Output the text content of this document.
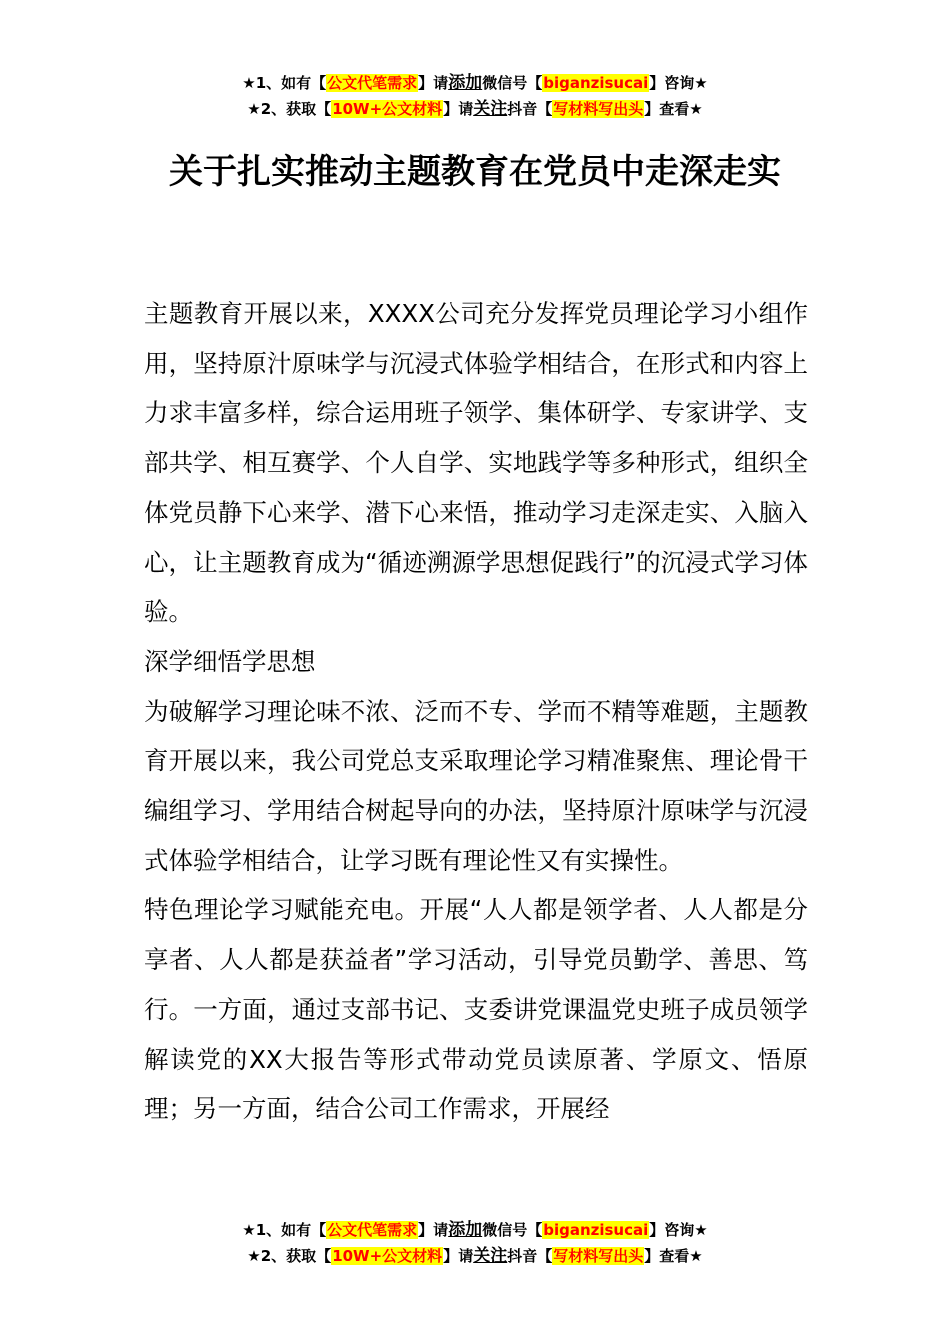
★1、如有【公文代笔需求】请添加微信号【biganzisucai】咨询★
★2、获取【10W+公文材料】请关注抖音【写材料写出头】查看★
关于扎实推动主题教育在党员中走深走实

主题教育开展以来，XXXX公司充分发挥党员理论学习小组作用，坚持原汁原味学与沉浸式体验学相结合，在形式和内容上力求丰富多样，综合运用班子领学、集体研学、专家讲学、支部共学、相互赛学、个人自学、实地践学等多种形式，组织全体党员静下心来学、潜下心来悟，推动学习走深走实、入脑入心，让主题教育成为“循迹溯源学思想促践行”的沉浸式学习体验。

深学细悟学思想

为破解学习理论味不浓、泛而不专、学而不精等难题，主题教育开展以来，我公司党总支采取理论学习精准聚焦、理论骨干编组学习、学用结合树起导向的办法，坚持原汁原味学与沉浸式体验学相结合，让学习既有理论性又有实操性。

特色理论学习赋能充电。开展“人人都是领学者、人人都是分享者、人人都是获益者”学习活动，引导党员勤学、善思、笃行。一方面，通过支部书记、支委讲党课温党史班子成员领学解读党的XX大报告等形式带动党员读原著、学原文、悟原理；另一方面，结合公司工作需求，开展经

★1、如有【公文代笔需求】请添加微信号【biganzisucai】咨询★
★2、获取【10W+公文材料】请关注抖音【写材料写出头】查看★
